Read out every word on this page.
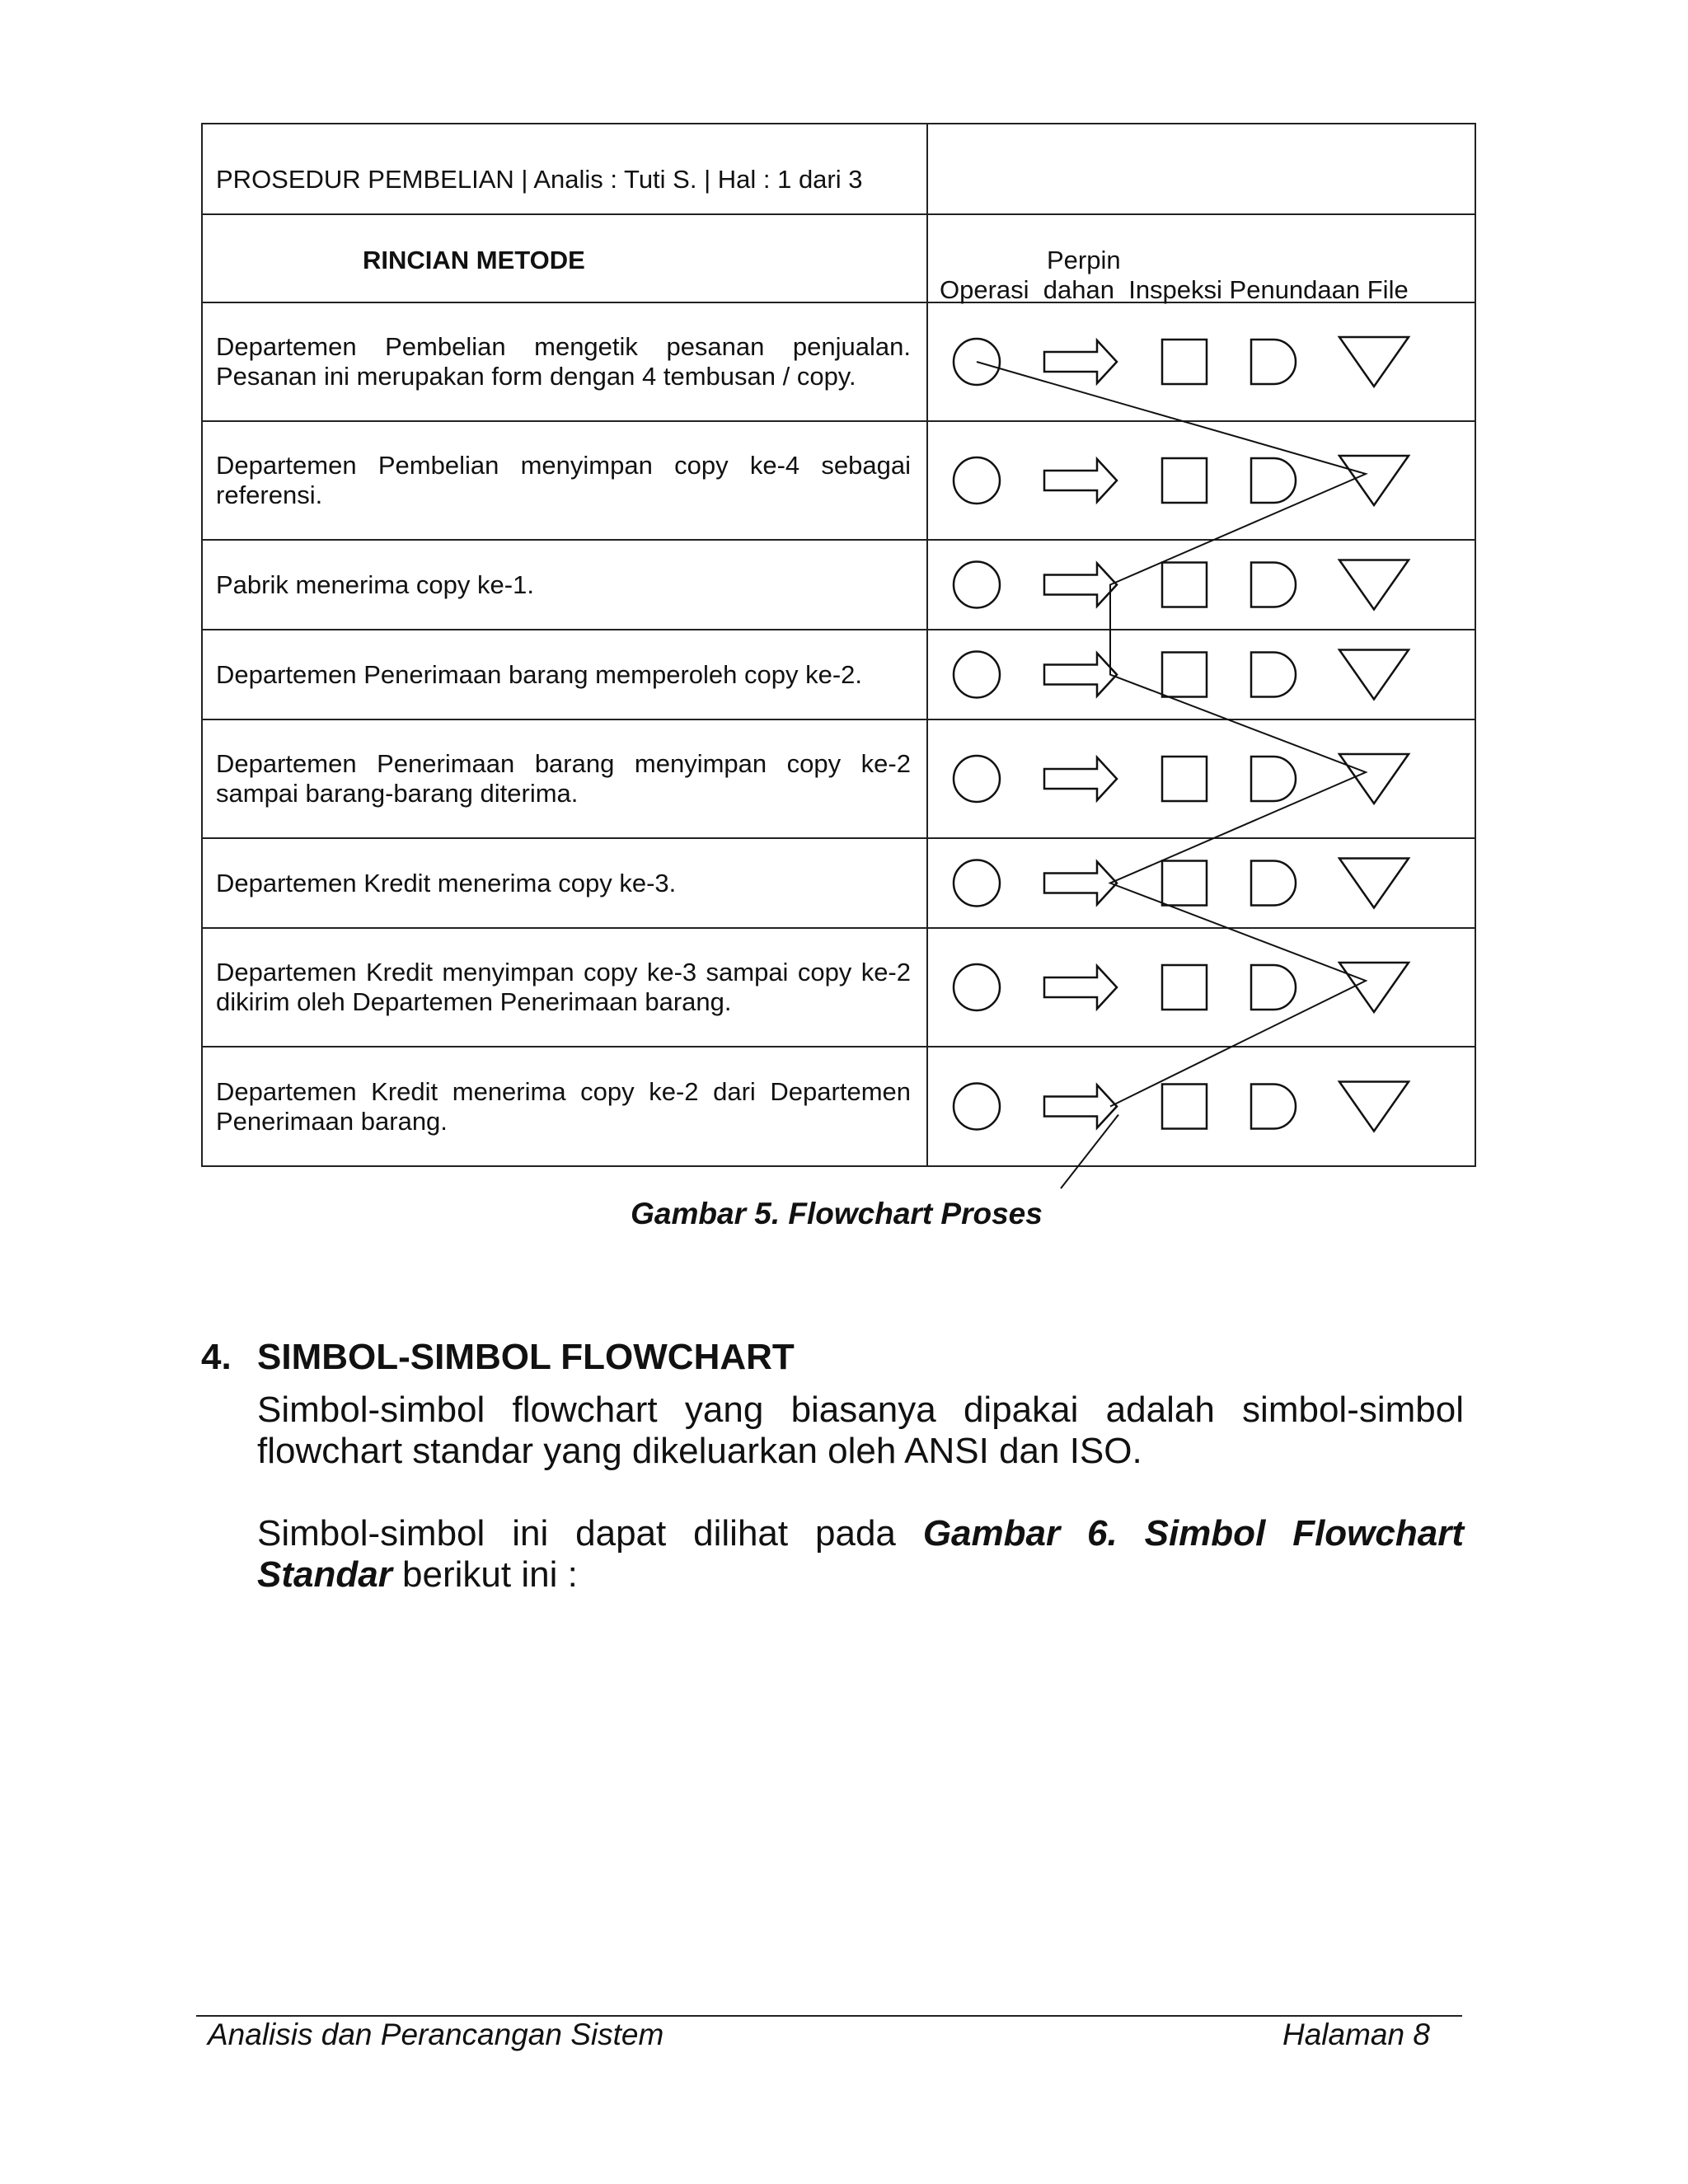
PROSEDUR PEMBELIAN | Analis : Tuti S. | Hal : 1 dari 3
RINCIAN METODE	Perpin
Operasi  dahan  Inspeksi Penundaan File
Departemen Pembelian mengetik pesanan penjualan. Pesanan ini merupakan form dengan 4 tembusan / copy.
Departemen Pembelian menyimpan copy ke-4 sebagai referensi.
Pabrik menerima copy ke-1.
Departemen Penerimaan barang memperoleh copy ke-2.
Departemen Penerimaan barang menyimpan copy ke-2 sampai barang-barang diterima.
Departemen Kredit menerima copy ke-3.
Departemen Kredit menyimpan copy ke-3 sampai copy ke-2 dikirim oleh Departemen Penerimaan barang.
Departemen Kredit menerima copy ke-2 dari Departemen Penerimaan barang.
Gambar 5. Flowchart Proses
4. SIMBOL-SIMBOL FLOWCHART
Simbol-simbol flowchart yang biasanya dipakai adalah simbol-simbol flowchart standar yang dikeluarkan oleh ANSI dan ISO.
Simbol-simbol ini dapat dilihat pada Gambar 6. Simbol Flowchart Standar berikut ini :
Analisis dan Perancangan Sistem	Halaman 8
